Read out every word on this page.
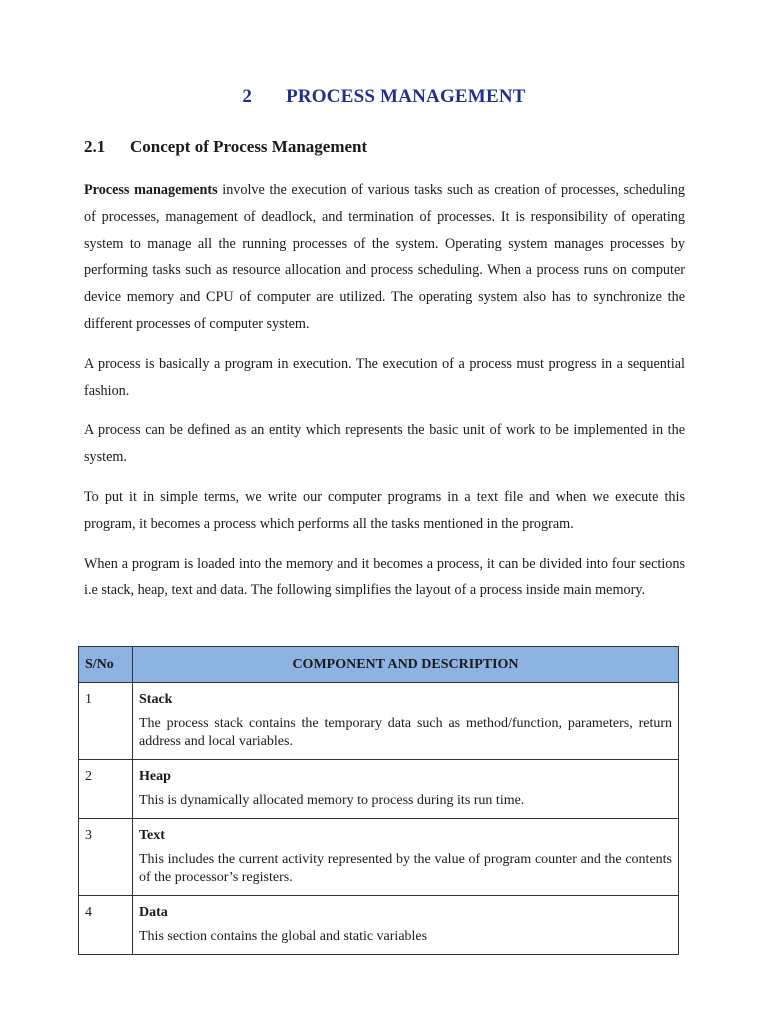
2 PROCESS MANAGEMENT
2.1 Concept of Process Management

Process managements involve the execution of various tasks such as creation of processes, scheduling of processes, management of deadlock, and termination of processes. It is responsibility of operating system to manage all the running processes of the system. Operating system manages processes by performing tasks such as resource allocation and process scheduling. When a process runs on computer device memory and CPU of computer are utilized. The operating system also has to synchronize the different processes of computer system.

A process is basically a program in execution. The execution of a process must progress in a sequential fashion.

A process can be defined as an entity which represents the basic unit of work to be implemented in the system.

To put it in simple terms, we write our computer programs in a text file and when we execute this program, it becomes a process which performs all the tasks mentioned in the program.

When a program is loaded into the memory and it becomes a process, it can be divided into four sections i.e stack, heap, text and data. The following simplifies the layout of a process inside main memory.

S/No	COMPONENT AND DESCRIPTION
1	Stack
The process stack contains the temporary data such as method/function, parameters, return address and local variables.

2	Heap
This is dynamically allocated memory to process during its run time.

3	Text
This includes the current activity represented by the value of program counter and the contents of the processor’s registers.

4	Data
This section contains the global and static variables
